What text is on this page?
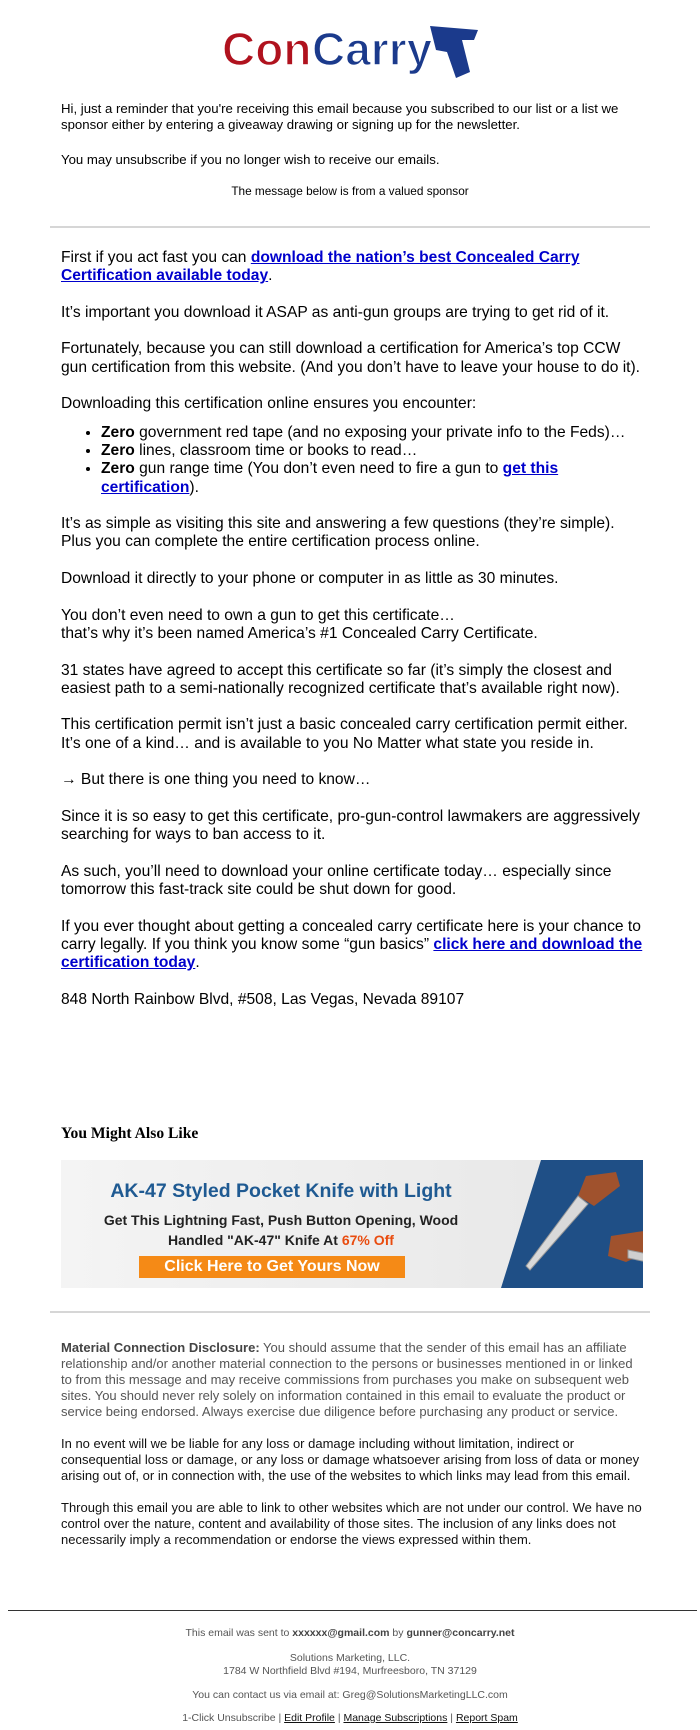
Con Carry

Hi, just a reminder that you're receiving this email because you subscribed to our list or a list we sponsor either by entering a giveaway drawing or signing up for the newsletter.

You may unsubscribe if you no longer wish to receive our emails.

The message below is from a valued sponsor

First if you act fast you can download the nation’s best Concealed Carry Certification available today.

It’s important you download it ASAP as anti-gun groups are trying to get rid of it.

Fortunately, because you can still download a certification for America’s top CCW gun certification from this website. (And you don’t have to leave your house to do it).

Downloading this certification online ensures you encounter:

• Zero government red tape (and no exposing your private info to the Feds)…
• Zero lines, classroom time or books to read…
• Zero gun range time (You don’t even need to fire a gun to get this certification).

It’s as simple as visiting this site and answering a few questions (they’re simple). Plus you can complete the entire certification process online.

Download it directly to your phone or computer in as little as 30 minutes.

You don’t even need to own a gun to get this certificate…
that’s why it’s been named America’s #1 Concealed Carry Certificate.

31 states have agreed to accept this certificate so far (it’s simply the closest and easiest path to a semi-nationally recognized certificate that’s available right now).

This certification permit isn’t just a basic concealed carry certification permit either. It’s one of a kind… and is available to you No Matter what state you reside in.

→ But there is one thing you need to know…

Since it is so easy to get this certificate, pro-gun-control lawmakers are aggressively searching for ways to ban access to it.

As such, you’ll need to download your online certificate today… especially since tomorrow this fast-track site could be shut down for good.

If you ever thought about getting a concealed carry certificate here is your chance to carry legally. If you think you know some “gun basics” click here and download the certification today.

848 North Rainbow Blvd, #508, Las Vegas, Nevada 89107

You Might Also Like
AK-47 Styled Pocket Knife with Light
Get This Lightning Fast, Push Button Opening, Wood
Handled "AK-47" Knife At 67% Off
Click Here to Get Yours Now

Material Connection Disclosure: You should assume that the sender of this email has an affiliate relationship and/or another material connection to the persons or businesses mentioned in or linked to from this message and may receive commissions from purchases you make on subsequent web sites. You should never rely solely on information contained in this email to evaluate the product or service being endorsed. Always exercise due diligence before purchasing any product or service.

In no event will we be liable for any loss or damage including without limitation, indirect or consequential loss or damage, or any loss or damage whatsoever arising from loss of data or money arising out of, or in connection with, the use of the websites to which links may lead from this email.

Through this email you are able to link to other websites which are not under our control. We have no control over the nature, content and availability of those sites. The inclusion of any links does not necessarily imply a recommendation or endorse the views expressed within them.

This email was sent to xxxxxx@gmail.com by gunner@concarry.net
Solutions Marketing, LLC.
1784 W Northfield Blvd #194, Murfreesboro, TN 37129
You can contact us via email at: Greg@SolutionsMarketingLLC.com
1-Click Unsubscribe | Edit Profile | Manage Subscriptions | Report Spam
